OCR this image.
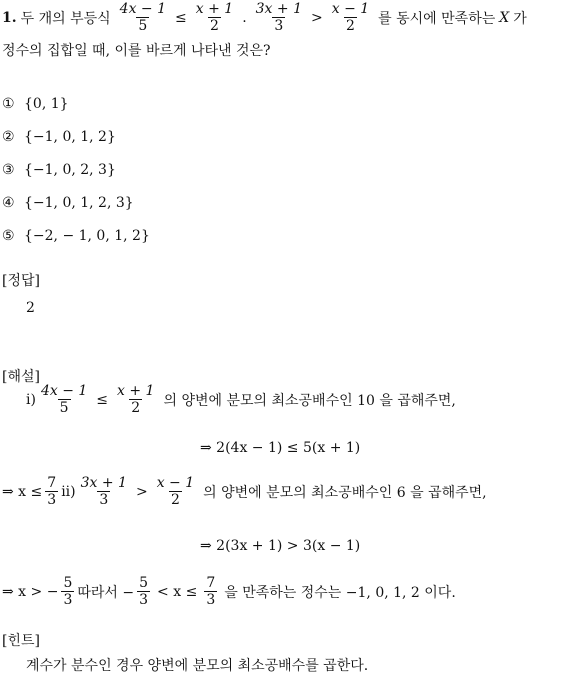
1. 두 개의 부등식 $\frac{4x - 1}{5} \le \frac{x + 1}{2}$ . $\frac{3x + 1}{3} > \frac{x - 1}{2}$ 를 동시에 만족하는 X 가
정수의 집합일 때, 이를 바르게 나타낸 것은?
① {0, 1}
② {−1, 0, 1, 2}
③ {−1, 0, 2, 3}
④ {−1, 0, 1, 2, 3}
⑤ {−2, − 1, 0, 1, 2}
[정답]
2
[해설]
$i) \frac{4x - 1}{5} \le \frac{x + 1}{2}$ 의 양변에 분모의 최소공배수인 10 을 곱해주면,
⇒ 2(4x − 1) ≤ 5(x + 1)
⇒ $x \le \frac{7}{3} ii) \frac{3x + 1}{3} > \frac{x - 1}{2}$ 의 양변에 분모의 최소공배수인 6 을 곱해주면,
⇒ 2(3x + 1) > 3(x − 1)
⇒ x > − $\frac{5}{3}$ 따라서 − $\frac{5}{3} < x \le \frac{7}{3}$ 을 만족하는 정수는 −1, 0, 1, 2 이다.
[힌트]
계수가 분수인 경우 양변에 분모의 최소공배수를 곱한다.
